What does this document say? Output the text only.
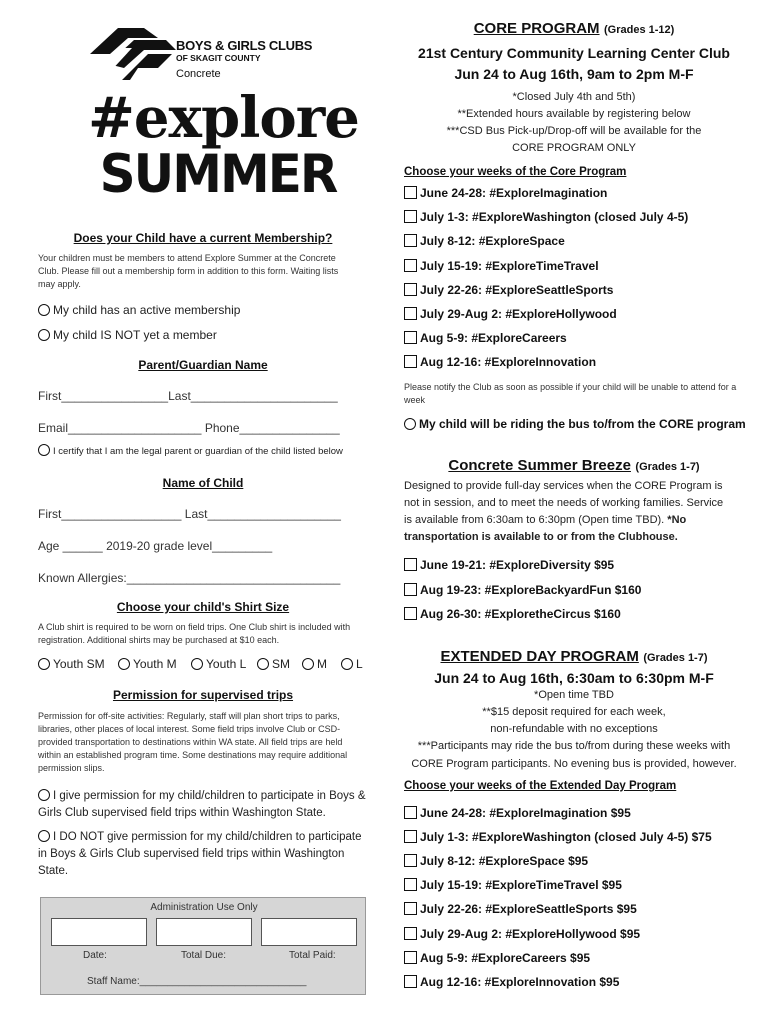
BOYS & GIRLS CLUBS
OF SKAGIT COUNTY
Concrete
#explore
SUMMER
Does your Child have a current Membership?
Your children must be members to attend Explore Summer at the Concrete Club. Please fill out a membership form in addition to this form. Waiting lists may apply.
My child has an active membership
My child IS NOT yet a member
Parent/Guardian Name
First________________Last______________________
Email____________________ Phone_______________
I certify that I am the legal parent or guardian of the child listed below
Name of Child
First__________________ Last____________________
Age ______ 2019-20 grade level_________
Known Allergies:________________________________
Choose your child's Shirt Size
A Club shirt is required to be worn on field trips. One Club shirt is included with registration. Additional shirts may be purchased at $10 each.
Youth SM	Youth M	Youth L	SM	M	L
Permission for supervised trips
Permission for off-site activities: Regularly, staff will plan short trips to parks, libraries, other places of local interest. Some field trips involve Club or CSD-provided transportation to destinations within WA state. All field trips are held within an established program time. Some destinations may require additional permission slips.
I give permission for my child/children to participate in Boys & Girls Club supervised field trips within Washington State.
I DO NOT give permission for my child/children to participate in Boys & Girls Club supervised field trips within Washington State.
Administration Use Only
Date:	Total Due:	Total Paid:
Staff Name:______________________________
CORE PROGRAM (Grades 1-12)
21st Century Community Learning Center Club
Jun 24 to Aug 16th, 9am to 2pm M-F
*Closed July 4th and 5th)
**Extended hours available by registering below
***CSD Bus Pick-up/Drop-off will be available for the
CORE PROGRAM ONLY
Choose your weeks of the Core Program
June 24-28: #ExploreImagination
July 1-3: #ExploreWashington (closed July 4-5)
July 8-12: #ExploreSpace
July 15-19: #ExploreTimeTravel
July 22-26: #ExploreSeattleSports
July 29-Aug 2: #ExploreHollywood
Aug 5-9: #ExploreCareers
Aug 12-16: #ExploreInnovation
Please notify the Club as soon as possible if your child will be unable to attend for a week
My child will be riding the bus to/from the CORE program
Concrete Summer Breeze (Grades 1-7)
Designed to provide full-day services when the CORE Program is not in session, and to meet the needs of working families. Service is available from 6:30am to 6:30pm (Open time TBD). *No transportation is available to or from the Clubhouse.
June 19-21: #ExploreDiversity $95
Aug 19-23: #ExploreBackyardFun $160
Aug 26-30: #ExploretheCircus $160
EXTENDED DAY PROGRAM (Grades 1-7)
Jun 24 to Aug 16th, 6:30am to 6:30pm M-F
*Open time TBD
**$15 deposit required for each week,
non-refundable with no exceptions
***Participants may ride the bus to/from during these weeks with
CORE Program participants. No evening bus is provided, however.
Choose your weeks of the Extended Day Program
June 24-28: #ExploreImagination $95
July 1-3: #ExploreWashington (closed July 4-5) $75
July 8-12: #ExploreSpace $95
July 15-19: #ExploreTimeTravel $95
July 22-26: #ExploreSeattleSports $95
July 29-Aug 2: #ExploreHollywood $95
Aug 5-9: #ExploreCareers $95
Aug 12-16: #ExploreInnovation $95
